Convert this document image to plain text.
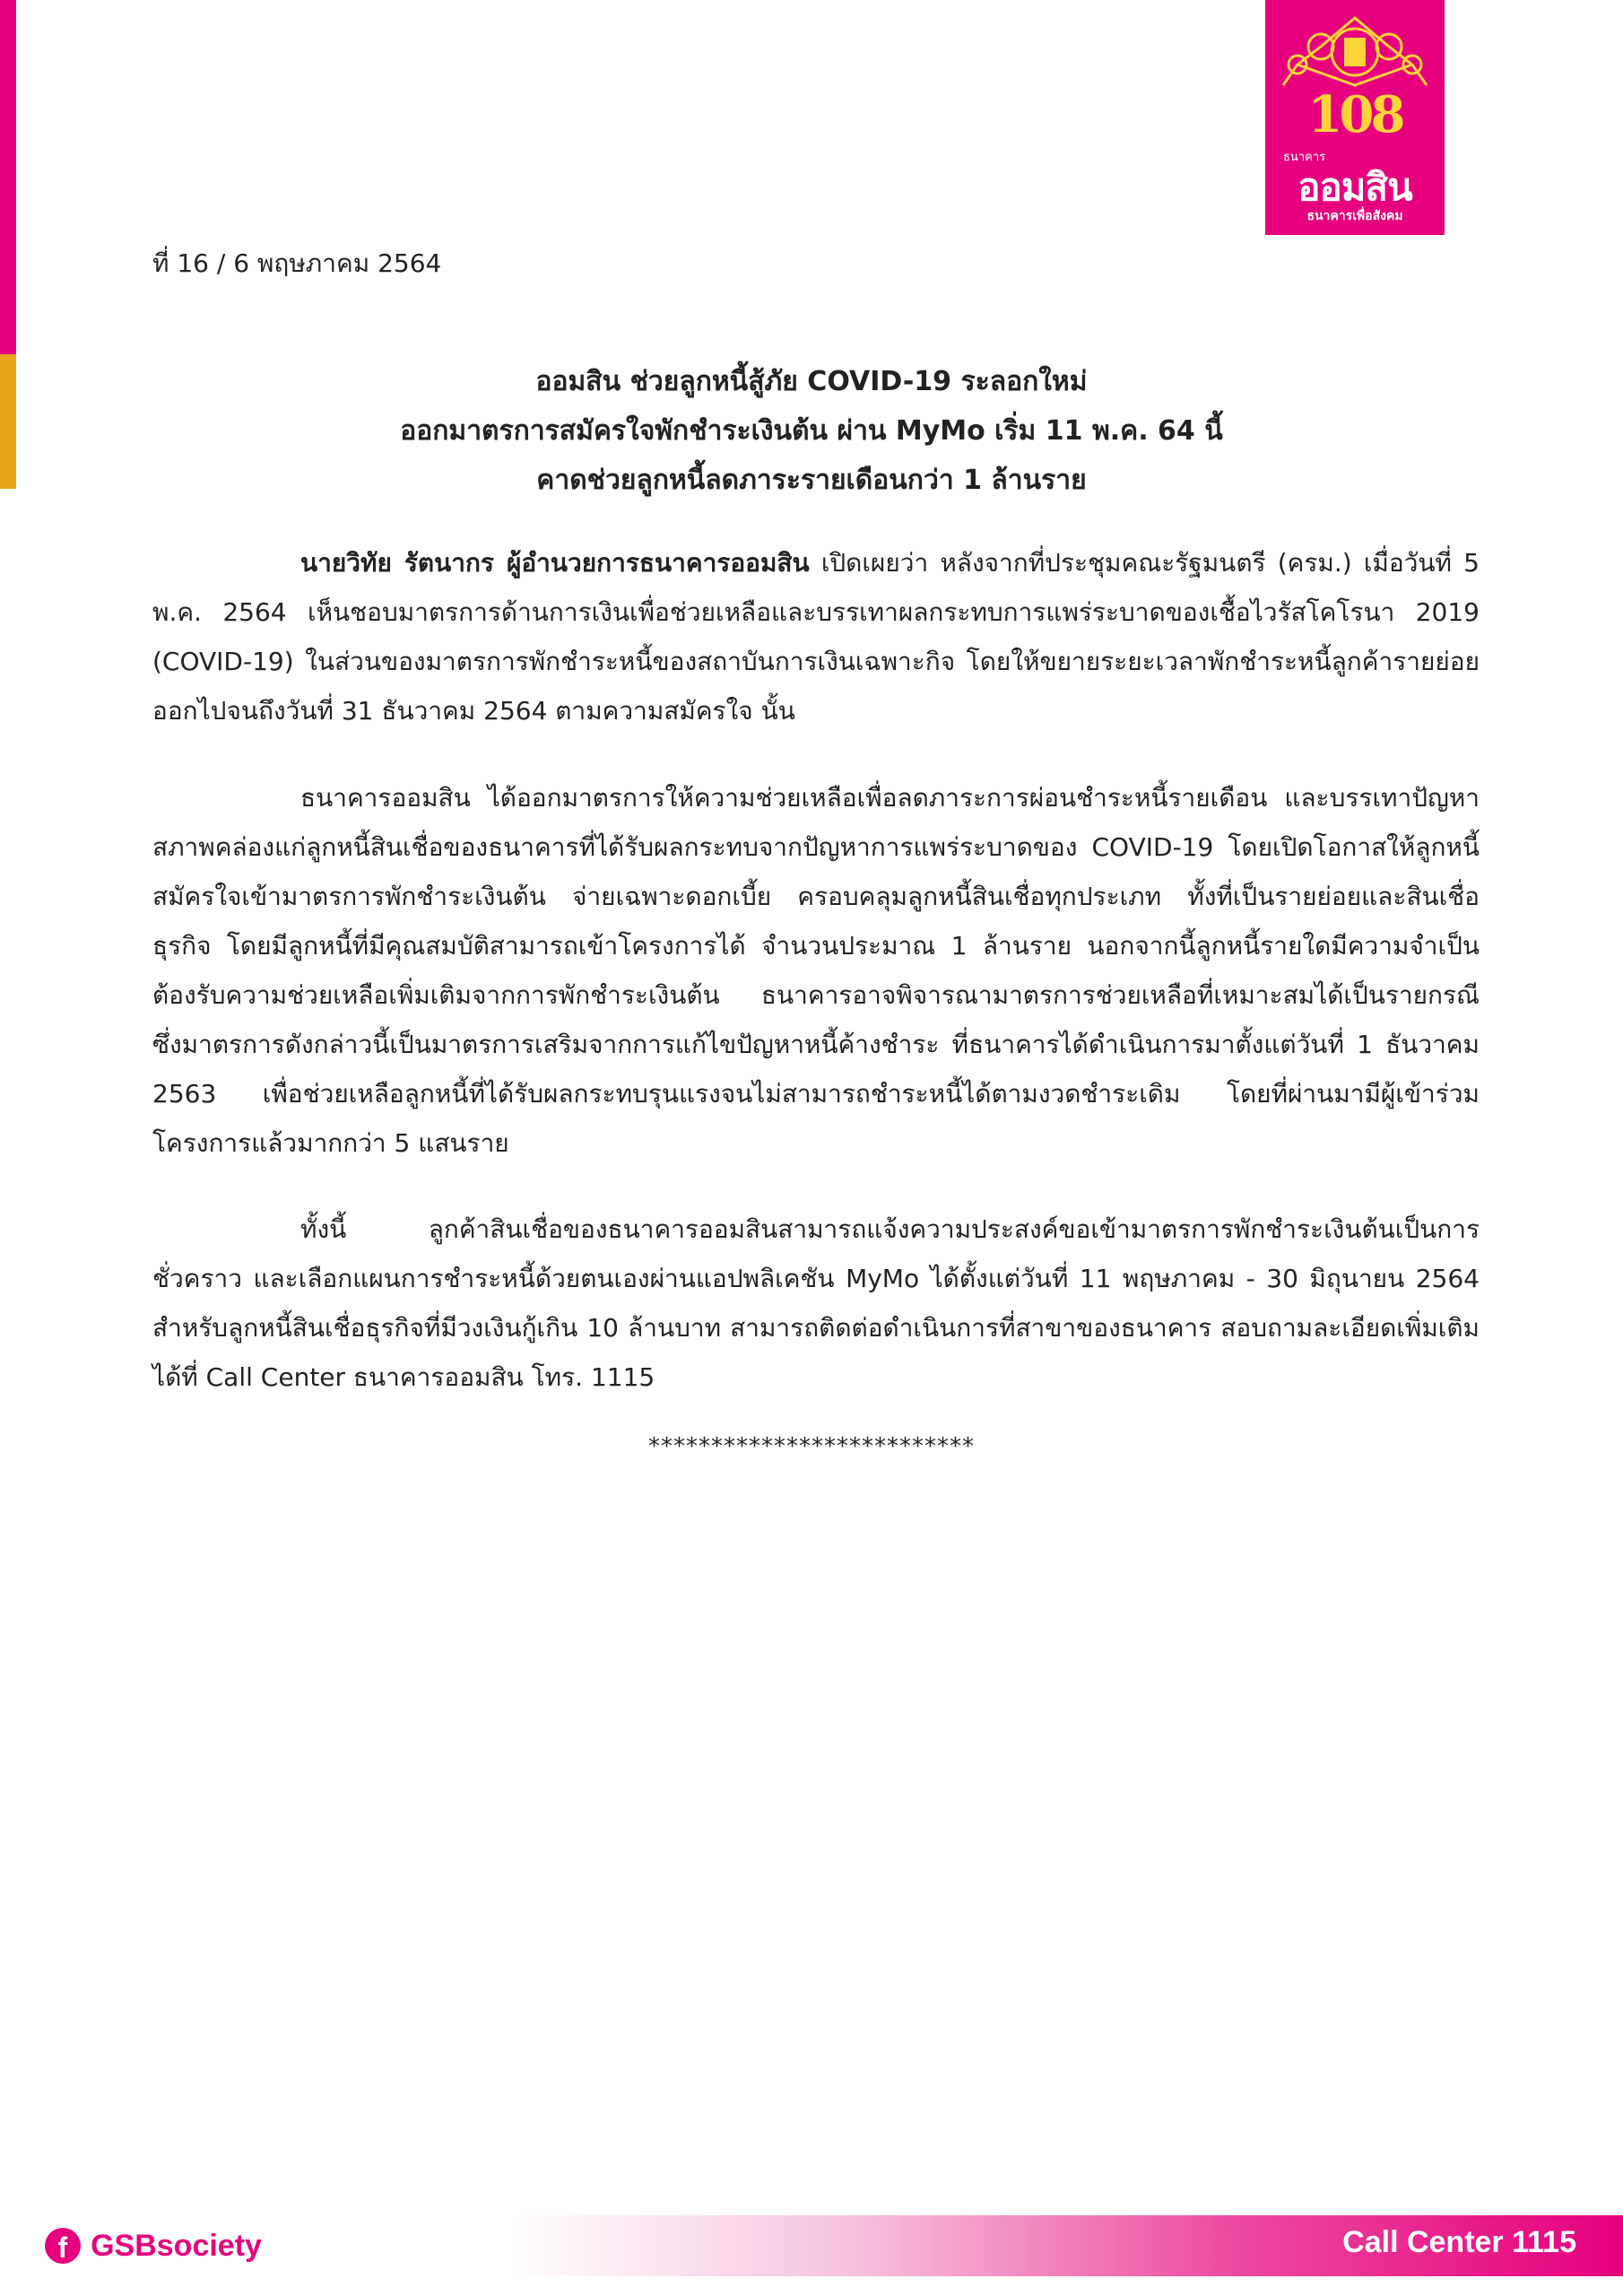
108
ธนาคาร
ออมสิน
ธนาคารเพื่อสังคม
ที่ 16 / 6 พฤษภาคม 2564
ออมสิน ช่วยลูกหนี้สู้ภัย COVID-19 ระลอกใหม่
ออกมาตรการสมัครใจพักชำระเงินต้น ผ่าน MyMo เริ่ม 11 พ.ค. 64 นี้
คาดช่วยลูกหนี้ลดภาระรายเดือนกว่า 1 ล้านราย
นายวิทัย รัตนากร ผู้อำนวยการธนาคารออมสิน เปิดเผยว่า หลังจากที่ประชุมคณะรัฐมนตรี (ครม.) เมื่อวันที่ 5 พ.ค. 2564 เห็นชอบมาตรการด้านการเงินเพื่อช่วยเหลือและบรรเทาผลกระทบการแพร่ระบาดของเชื้อไวรัสโคโรนา 2019 (COVID-19) ในส่วนของมาตรการพักชำระหนี้ของสถาบันการเงินเฉพาะกิจ โดยให้ขยายระยะเวลาพักชำระหนี้ลูกค้ารายย่อย ออกไปจนถึงวันที่ 31 ธันวาคม 2564 ตามความสมัครใจ นั้น
ธนาคารออมสิน ได้ออกมาตรการให้ความช่วยเหลือเพื่อลดภาระการผ่อนชำระหนี้รายเดือน และบรรเทาปัญหาสภาพคล่องแก่ลูกหนี้สินเชื่อของธนาคารที่ได้รับผลกระทบจากปัญหาการแพร่ระบาดของ COVID-19 โดยเปิดโอกาสให้ลูกหนี้สมัครใจเข้ามาตรการพักชำระเงินต้น จ่ายเฉพาะดอกเบี้ย ครอบคลุมลูกหนี้สินเชื่อทุกประเภท ทั้งที่เป็นรายย่อยและสินเชื่อธุรกิจ โดยมีลูกหนี้ที่มีคุณสมบัติสามารถเข้าโครงการได้ จำนวนประมาณ 1 ล้านราย นอกจากนี้ลูกหนี้รายใดมีความจำเป็นต้องรับความช่วยเหลือเพิ่มเติมจากการพักชำระเงินต้น ธนาคารอาจพิจารณามาตรการช่วยเหลือที่เหมาะสมได้เป็นรายกรณี ซึ่งมาตรการดังกล่าวนี้เป็นมาตรการเสริมจากการแก้ไขปัญหาหนี้ค้างชำระ ที่ธนาคารได้ดำเนินการมาตั้งแต่วันที่ 1 ธันวาคม 2563 เพื่อช่วยเหลือลูกหนี้ที่ได้รับผลกระทบรุนแรงจนไม่สามารถชำระหนี้ได้ตามงวดชำระเดิม โดยที่ผ่านมามีผู้เข้าร่วมโครงการแล้วมากกว่า 5 แสนราย
ทั้งนี้ ลูกค้าสินเชื่อของธนาคารออมสินสามารถแจ้งความประสงค์ขอเข้ามาตรการพักชำระเงินต้นเป็นการชั่วคราว และเลือกแผนการชำระหนี้ด้วยตนเองผ่านแอปพลิเคชัน MyMo ได้ตั้งแต่วันที่ 11 พฤษภาคม - 30 มิถุนายน 2564 สำหรับลูกหนี้สินเชื่อธุรกิจที่มีวงเงินกู้เกิน 10 ล้านบาท สามารถติดต่อดำเนินการที่สาขาของธนาคาร สอบถามละเอียดเพิ่มเติมได้ที่ Call Center ธนาคารออมสิน โทร. 1115
**************************
f GSBsociety	Call Center 1115
